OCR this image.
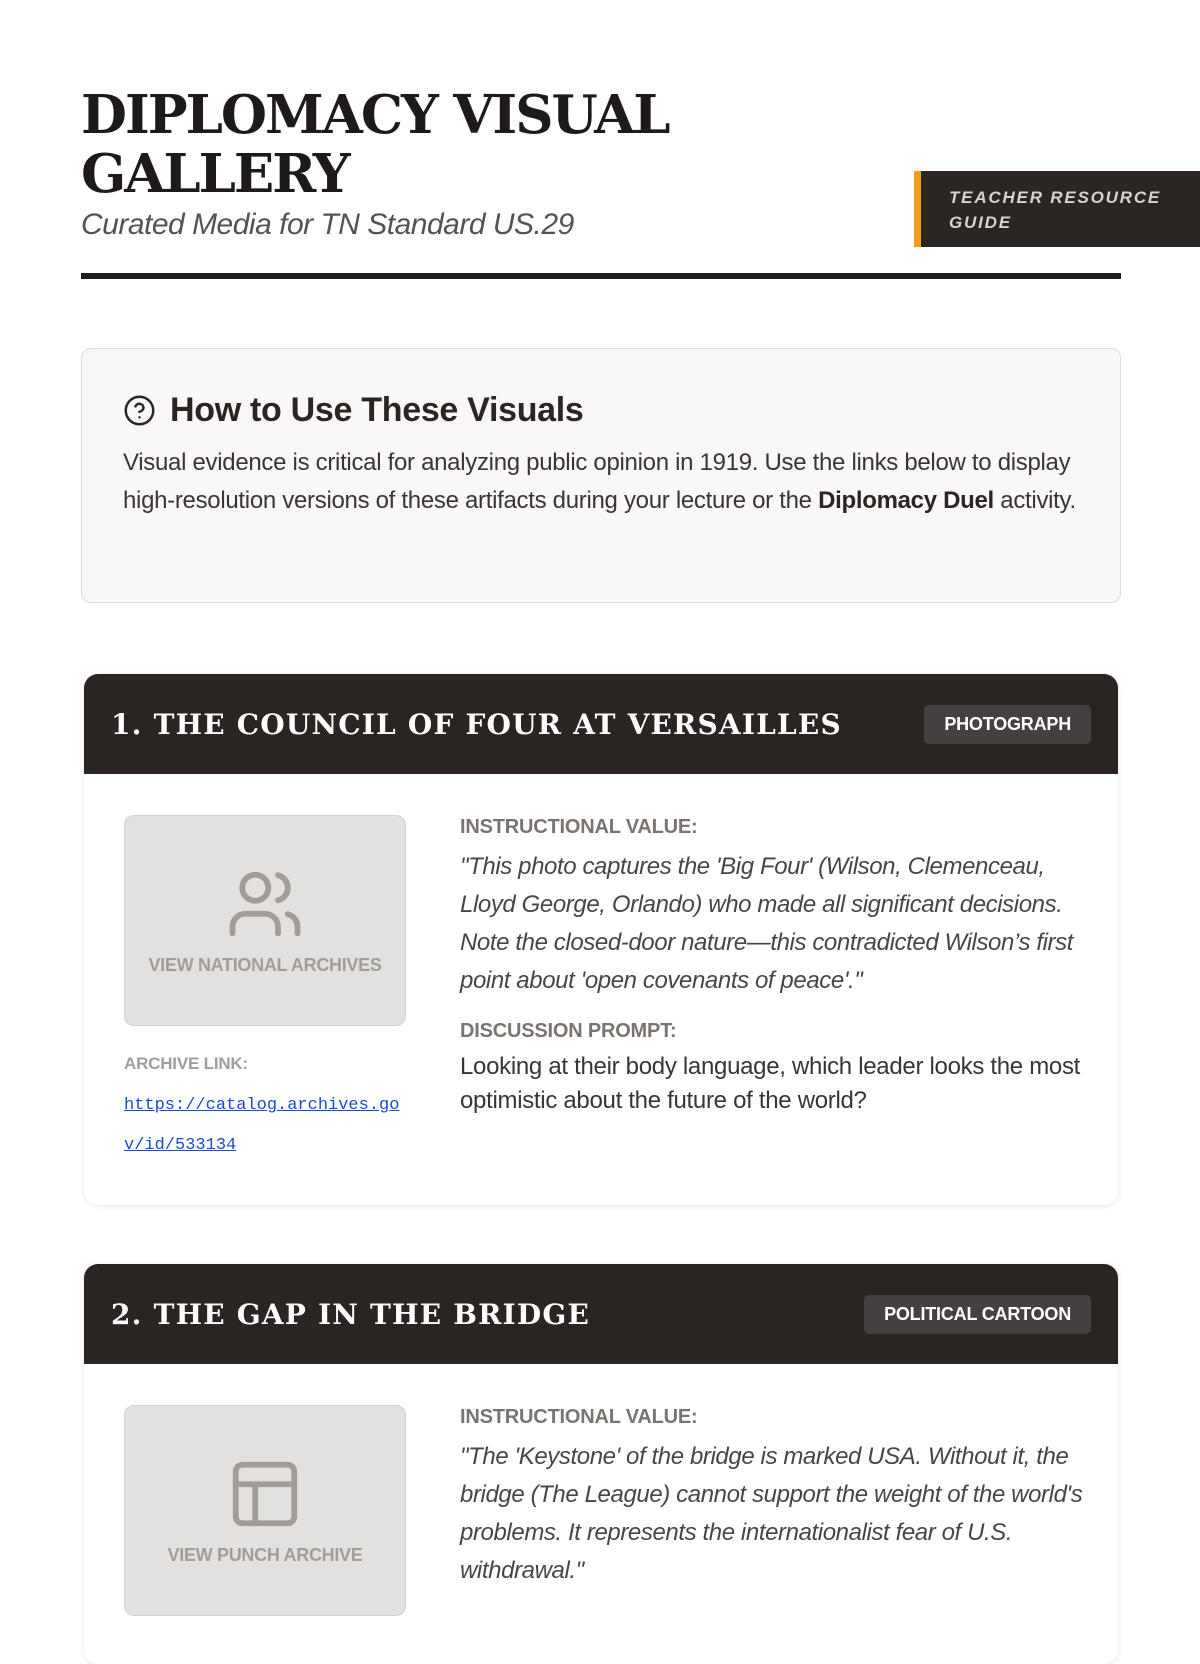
DIPLOMACY VISUAL GALLERY
Curated Media for TN Standard US.29
TEACHER RESOURCE GUIDE
How to Use These Visuals
Visual evidence is critical for analyzing public opinion in 1919. Use the links below to display high-resolution versions of these artifacts during your lecture or the Diplomacy Duel activity.
1. THE COUNCIL OF FOUR AT VERSAILLES	PHOTOGRAPH
VIEW NATIONAL ARCHIVES
ARCHIVE LINK:
https://catalog.archives.gov/id/533134
INSTRUCTIONAL VALUE:
"This photo captures the 'Big Four' (Wilson, Clemenceau, Lloyd George, Orlando) who made all significant decisions. Note the closed-door nature—this contradicted Wilson’s first point about 'open covenants of peace'."
DISCUSSION PROMPT:
Looking at their body language, which leader looks the most optimistic about the future of the world?
2. THE GAP IN THE BRIDGE	POLITICAL CARTOON
VIEW PUNCH ARCHIVE
INSTRUCTIONAL VALUE:
"The 'Keystone' of the bridge is marked USA. Without it, the bridge (The League) cannot support the weight of the world's problems. It represents the internationalist fear of U.S. withdrawal."
